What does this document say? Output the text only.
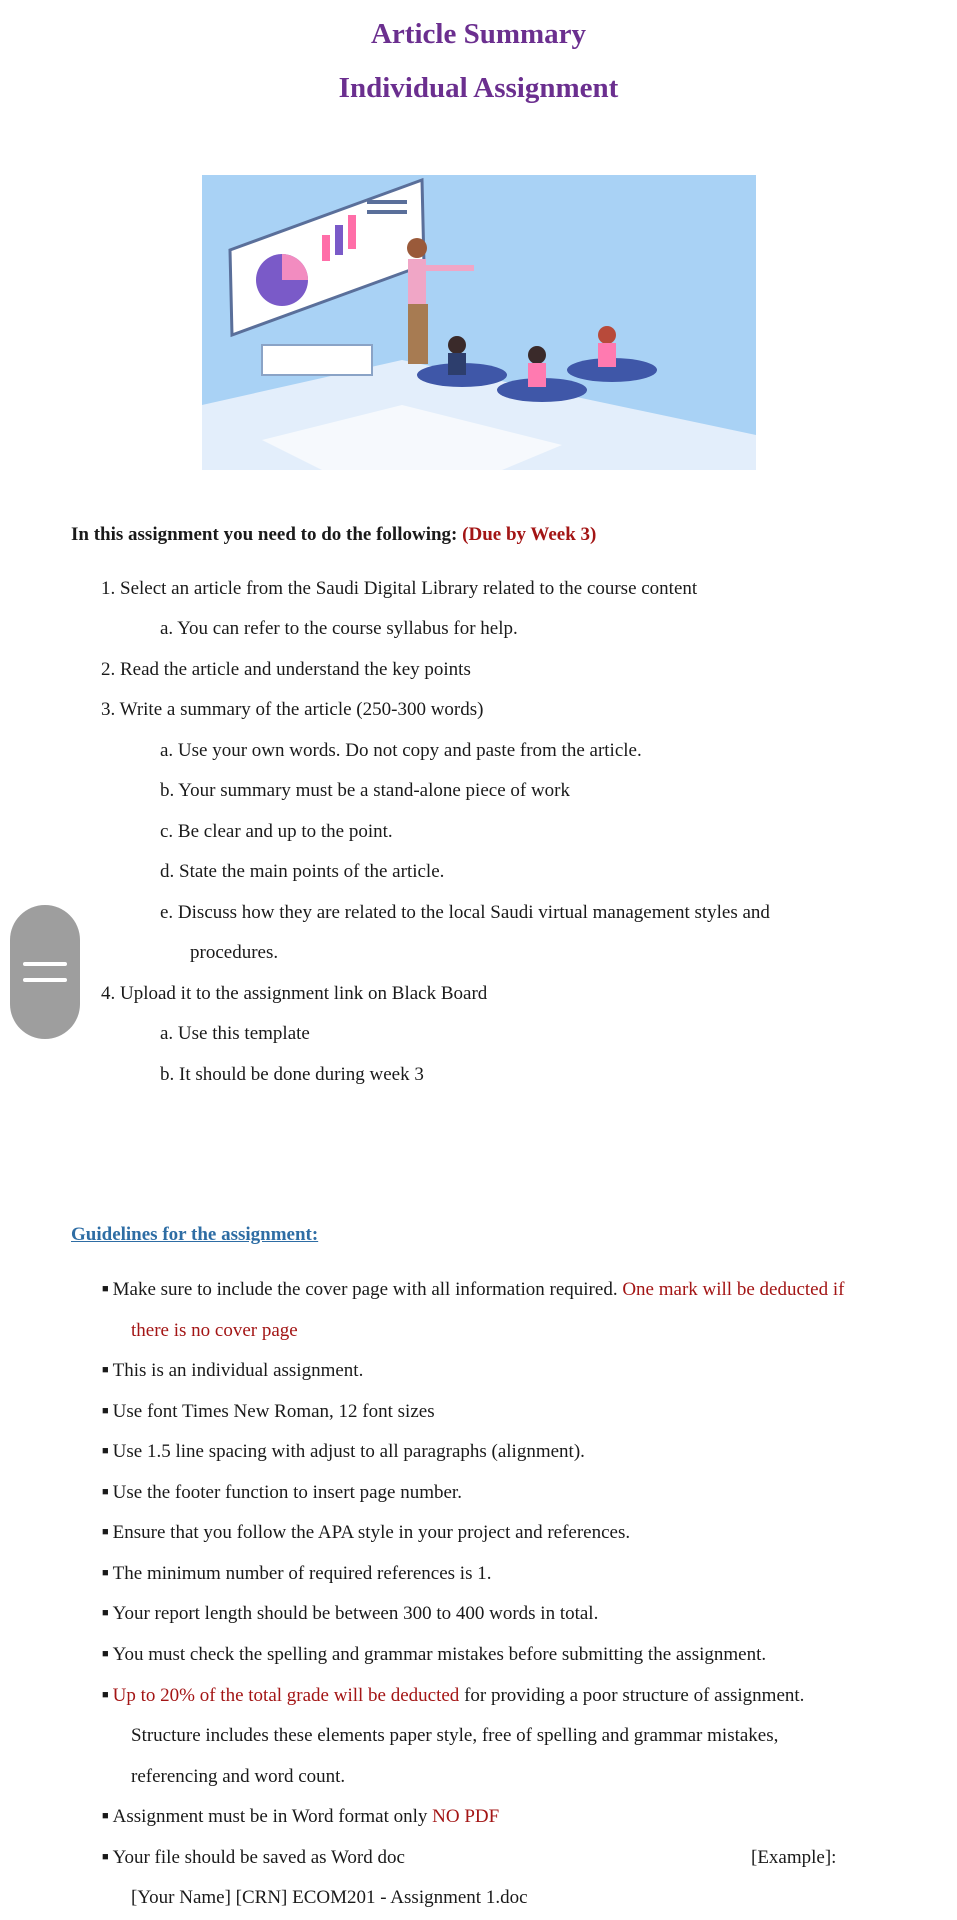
Article Summary
Individual Assignment
In this assignment you need to do the following: (Due by Week 3)
1. Select an article from the Saudi Digital Library related to the course content
a. You can refer to the course syllabus for help.
2. Read the article and understand the key points
3. Write a summary of the article (250-300 words)
a. Use your own words. Do not copy and paste from the article.
b. Your summary must be a stand-alone piece of work
c. Be clear and up to the point.
d. State the main points of the article.
e. Discuss how they are related to the local Saudi virtual management styles and
procedures.
4. Upload it to the assignment link on Black Board
a. Use this template
b. It should be done during week 3
Guidelines for the assignment:
■ Make sure to include the cover page with all information required. One mark will be deducted if
there is no cover page
■ This is an individual assignment.
■ Use font Times New Roman, 12 font sizes
■ Use 1.5 line spacing with adjust to all paragraphs (alignment).
■ Use the footer function to insert page number.
■ Ensure that you follow the APA style in your project and references.
■ The minimum number of required references is 1.
■ Your report length should be between 300 to 400 words in total.
■ You must check the spelling and grammar mistakes before submitting the assignment.
■ Up to 20% of the total grade will be deducted for providing a poor structure of assignment.
Structure includes these elements paper style, free of spelling and grammar mistakes,
referencing and word count.
■ Assignment must be in Word format only NO PDF
■ Your file should be saved as Word doc	[Example]:
[Your Name] [CRN] ECOM201 - Assignment 1.doc
